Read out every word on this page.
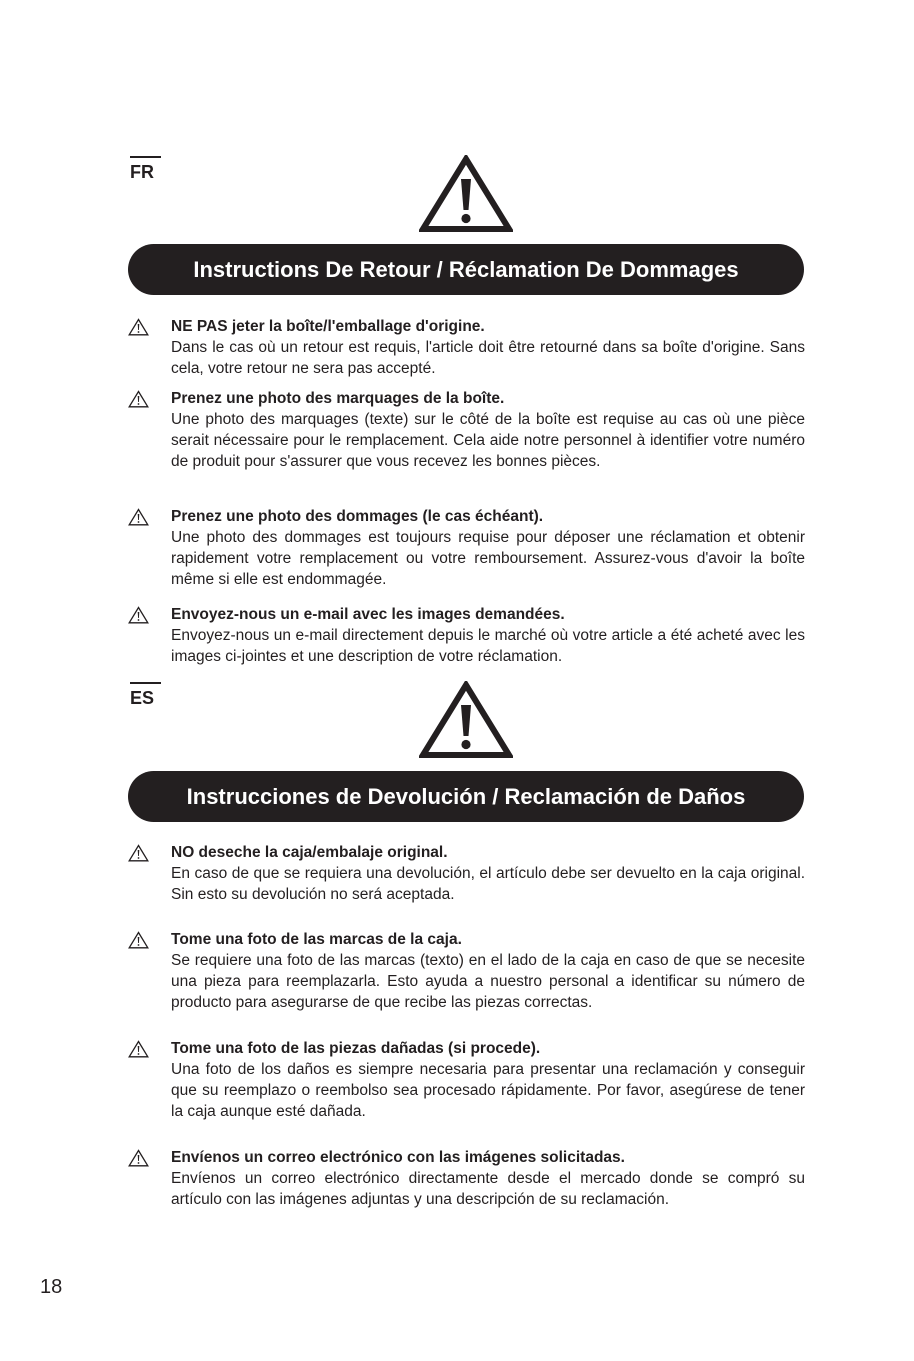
FR
Instructions De Retour / Réclamation De Dommages
NE PAS jeter la boîte/l'emballage d'origine.
Dans le cas où un retour est requis, l'article doit être retourné dans sa boîte d'origine. Sans cela, votre retour ne sera pas accepté.
Prenez une photo des marquages de la boîte.
Une photo des marquages (texte) sur le côté de la boîte est requise au cas où une pièce serait nécessaire pour le remplacement. Cela aide notre personnel à identifier votre numéro de produit pour s'assurer que vous recevez les bonnes pièces.
Prenez une photo des dommages (le cas échéant).
Une photo des dommages est toujours requise pour déposer une réclamation et obtenir rapidement votre remplacement ou votre remboursement. Assurez-vous d'avoir la boîte même si elle est endommagée.
Envoyez-nous un e-mail avec les images demandées.
Envoyez-nous un e-mail directement depuis le marché où votre article a été acheté avec les images ci-jointes et une description de votre réclamation.
ES
Instrucciones de Devolución / Reclamación de Daños
NO deseche la caja/embalaje original.
En caso de que se requiera una devolución, el artículo debe ser devuelto en la caja original. Sin esto su devolución no será aceptada.
Tome una foto de las marcas de la caja.
Se requiere una foto de las marcas (texto) en el lado de la caja en caso de que se necesite una pieza para reemplazarla. Esto ayuda a nuestro personal a identificar su número de producto para asegurarse de que recibe las piezas correctas.
Tome una foto de las piezas dañadas (si procede).
Una foto de los daños es siempre necesaria para presentar una reclamación y conseguir que su reemplazo o reembolso sea procesado rápidamente. Por favor, asegúrese de tener la caja aunque esté dañada.
Envíenos un correo electrónico con las imágenes solicitadas.
Envíenos un correo electrónico directamente desde el mercado donde se compró su artículo con las imágenes adjuntas y una descripción de su reclamación.
18
